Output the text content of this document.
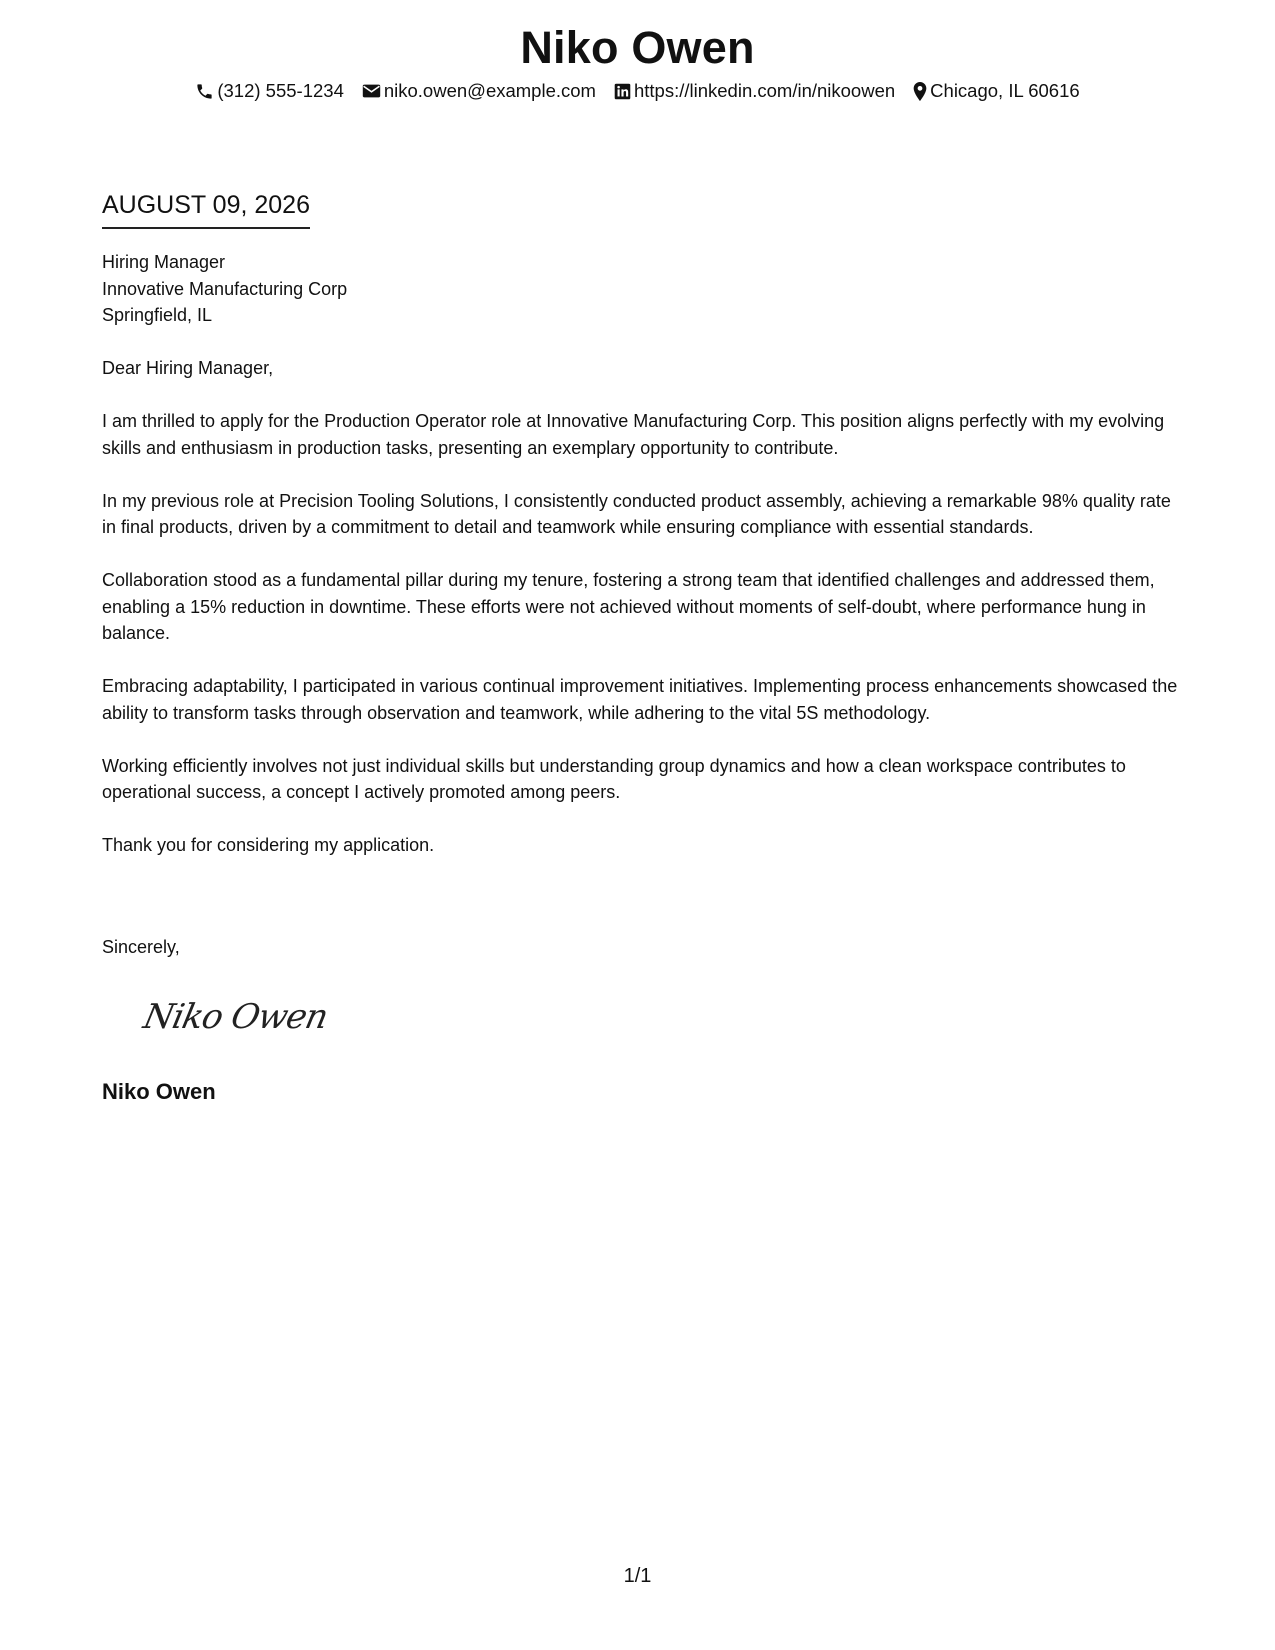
Niko Owen
(312) 555-1234 niko.owen@example.com https://linkedin.com/in/nikoowen Chicago, IL 60616
AUGUST 09, 2026
Hiring Manager
Innovative Manufacturing Corp
Springfield, IL
Dear Hiring Manager,

I am thrilled to apply for the Production Operator role at Innovative Manufacturing Corp. This position aligns perfectly with my evolving skills and enthusiasm in production tasks, presenting an exemplary opportunity to contribute.

In my previous role at Precision Tooling Solutions, I consistently conducted product assembly, achieving a remarkable 98% quality rate in final products, driven by a commitment to detail and teamwork while ensuring compliance with essential standards.

Collaboration stood as a fundamental pillar during my tenure, fostering a strong team that identified challenges and addressed them, enabling a 15% reduction in downtime. These efforts were not achieved without moments of self-doubt, where performance hung in balance.

Embracing adaptability, I participated in various continual improvement initiatives. Implementing process enhancements showcased the ability to transform tasks through observation and teamwork, while adhering to the vital 5S methodology.

Working efficiently involves not just individual skills but understanding group dynamics and how a clean workspace contributes to operational success, a concept I actively promoted among peers.

Thank you for considering my application.

Sincerely,
Niko Owen
Niko Owen
1/1
